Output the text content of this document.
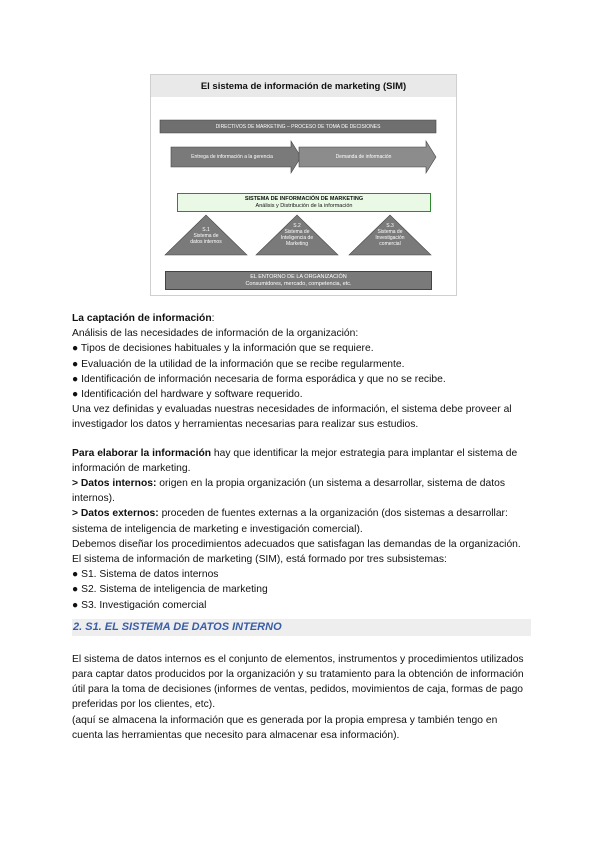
El sistema de información de marketing (SIM)
DIRECTIVOS DE MARKETING – PROCESO DE TOMA DE DECISIONES
Entrega de información a la gerencia	Demanda de información
SISTEMA DE INFORMACIÓN DE MARKETING
Análisis y Distribución de la información
S.1
Sistema de
datos internos
S.2
Sistema de
Inteligencia de
Marketing
S.3
Sistema de
Investigación
comercial
EL ENTORNO DE LA ORGANIZACIÓN
Consumidores, mercado, competencia, etc.

La captación de información:

Análisis de las necesidades de información de la organización:

● Tipos de decisiones habituales y la información que se requiere.

● Evaluación de la utilidad de la información que se recibe regularmente.

● Identificación de información necesaria de forma esporádica y que no se recibe.

● Identificación del hardware y software requerido.

Una vez definidas y evaluadas nuestras necesidades de información, el sistema debe proveer al investigador los datos y herramientas necesarias para realizar sus estudios.

Para elaborar la información hay que identificar la mejor estrategia para implantar el sistema de información de marketing.

> Datos internos: origen en la propia organización (un sistema a desarrollar, sistema de datos internos).

> Datos externos: proceden de fuentes externas a la organización (dos sistemas a desarrollar: sistema de inteligencia de marketing e investigación comercial).

Debemos diseñar los procedimientos adecuados que satisfagan las demandas de la organización. El sistema de información de marketing (SIM), está formado por tres subsistemas:

● S1. Sistema de datos internos

● S2. Sistema de inteligencia de marketing

● S3. Investigación comercial

2. S1. EL SISTEMA DE DATOS INTERNO

El sistema de datos internos es el conjunto de elementos, instrumentos y procedimientos utilizados para captar datos producidos por la organización y su tratamiento para la obtención de información útil para la toma de decisiones (informes de ventas, pedidos, movimientos de caja, formas de pago preferidas por los clientes, etc).

(aquí se almacena la información que es generada por la propia empresa y también tengo en cuenta las herramientas que necesito para almacenar esa información).
